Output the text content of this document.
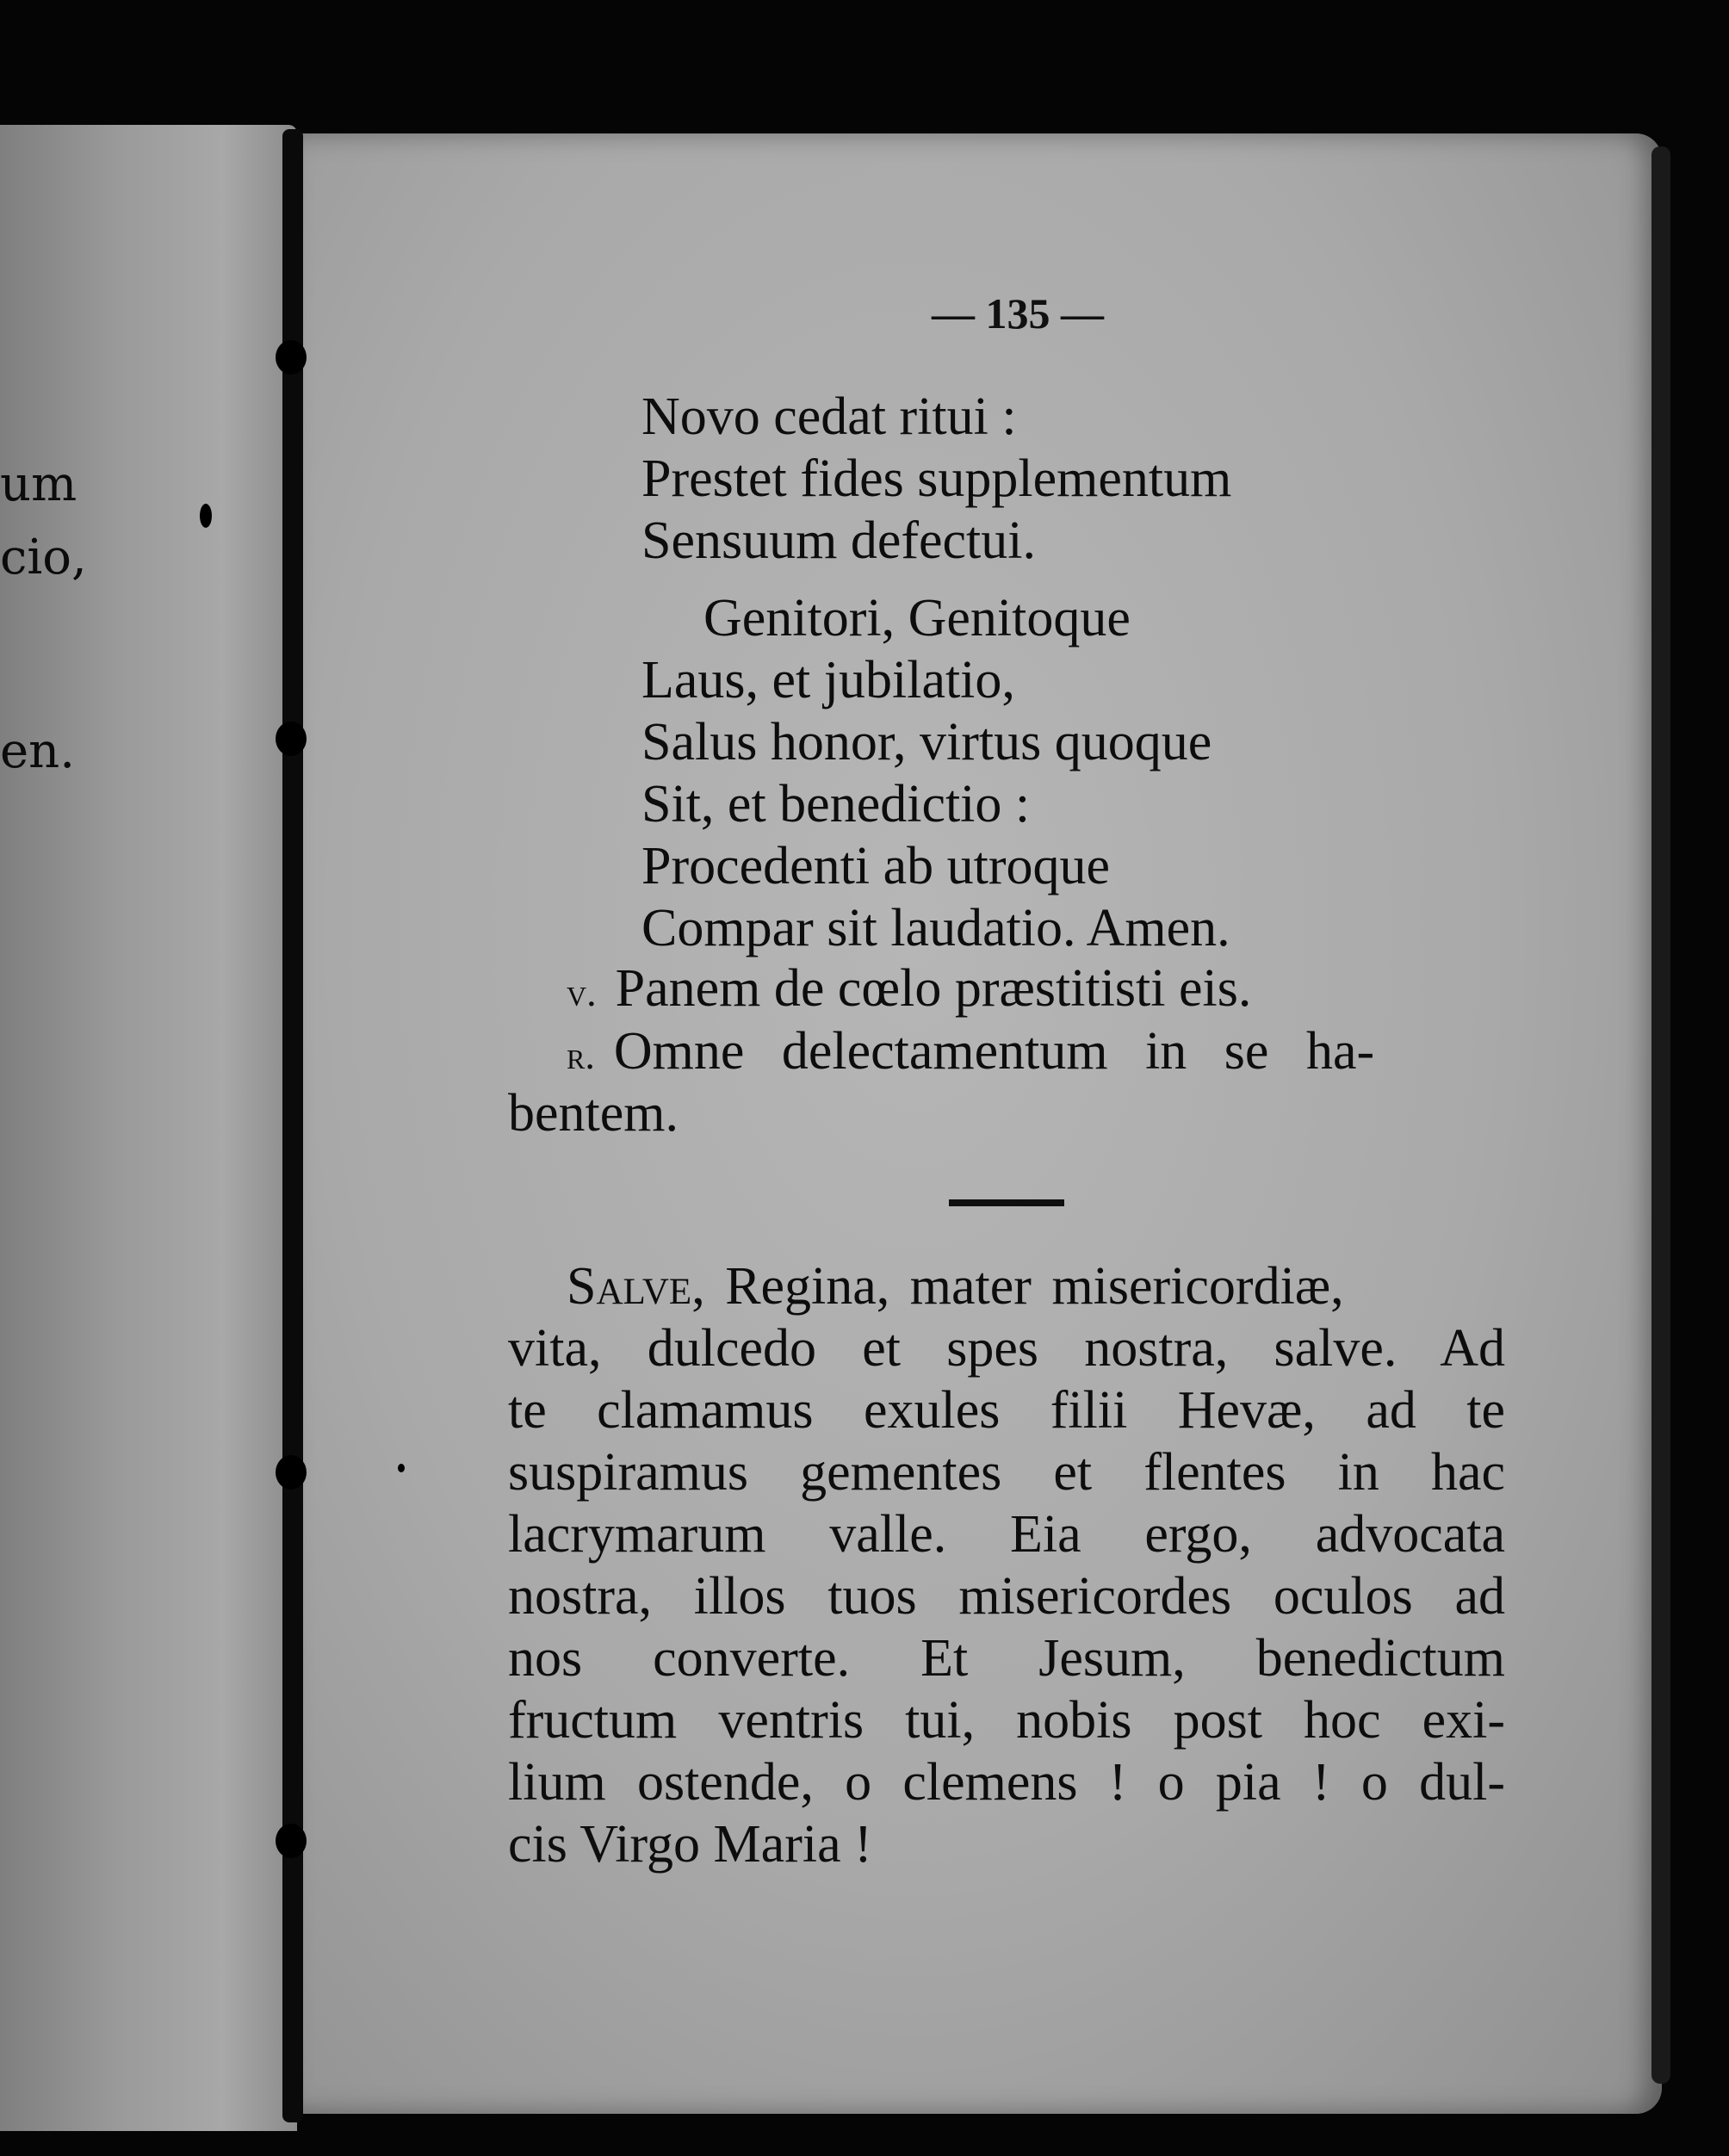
um
cio,
en.
— 135 —
Novo cedat ritui :
Prestet fides supplementum
Sensuum defectui.
Genitori, Genitoque
Laus, et jubilatio,
Salus honor, virtus quoque
Sit, et benedictio :
Procedenti ab utroque
Compar sit laudatio. Amen.
v. Panem de cœlo præstitisti eis.
r. Omne delectamentum in se ha-
bentem.
Salve, Regina, mater misericordiæ,
vita, dulcedo et spes nostra, salve. Ad
te clamamus exules filii Hevæ, ad te
suspiramus gementes et flentes in hac
lacrymarum valle. Eia ergo, advocata
nostra, illos tuos misericordes oculos ad
nos converte. Et Jesum, benedictum
fructum ventris tui, nobis post hoc exi-
lium ostende, o clemens ! o pia ! o dul-
cis Virgo Maria !
